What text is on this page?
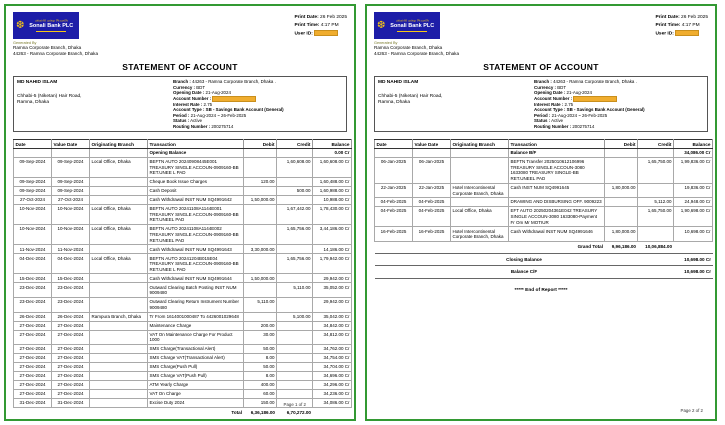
❆	সোনালী ব্যাংক পিএলসি
Sonali Bank PLC
Generated By
Ramna Corporate Branch, Dhaka
44263 - Ramna Corporate Branch, Dhaka
Print Date: 26 Feb 2025
Print Time: 4:17 PM
User ID:
STATEMENT OF ACCOUNT
MD NAHID ISLAM
Chhabi-5 (Niketan) Hair Road,
Ramna, Dhaka
Branch : 44263 - Ramna Corporate Branch, Dhaka .
Currency : BDT
Opening Date : 21-Aug-2024
Account Number :
Interest Rate : 2.75
Account Type : SB - Savings Bank Account (General)
Period : 21-Aug-2024 ~ 26-Feb-2025
Status : Active
Routing Number : 200275714
Date	Value Date	Originating Branch	Transaction	Debit	Credit	Balance
			Opening Balance			0.00 Cr
09-Sep-2024	09-Sep-2024	Local Office, Dhaka	BEFTN AUTO 20240908445E001 TREASURY SINGLE ACCOUN-0909160-BB RET.UNEE L PAD		1,60,608.00	1,60,608.00 Cr
09-Sep-2024	09-Sep-2024		Cheque Book Issue Charges	120.00		1,60,488.00 Cr
09-Sep-2024	09-Sep-2024		Cash Deposit		500.00	1,60,988.00 Cr
27-Oct-2024	27-Oct-2024		Cash Withdrawal INST NUM SQ4991642	1,50,000.00		10,988.00 Cr
10-Nov-2024	10-Nov-2024	Local Office, Dhaka	BEFTN AUTO 20241108A1144E001 TREASURY SINGLE ACCOUN-0909160-BB RET.UNEEL PAD		1,67,442.00	1,78,430.00 Cr
10-Nov-2024	10-Nov-2024	Local Office, Dhaka	BEFTN AUTO 20241108A1144E002 TREASURY SINGLE ACCOUN-0909160-BB RET.UNEEL PAD		1,65,756.00	3,44,186.00 Cr
11-Nov-2024	11-Nov-2024		Cash Withdrawal INST NUM SQ4991643	3,30,000.00		14,186.00 Cr
04-Dec-2024	04-Dec-2024	Local Office, Dhaka	BEFTN AUTO 20241204B015E04 TREASURY SINGLE ACCOUN-0909160-BB RET.UNEE L PAD		1,65,756.00	1,79,942.00 Cr
15-Dec-2024	15-Dec-2024		Cash Withdrawal INST NUM SQ4991644	1,50,000.00		29,942.00 Cr
23-Dec-2024	23-Dec-2024		Outward Clearing Batch Posting INST NUM 9009480		5,110.00	35,052.00 Cr
23-Dec-2024	23-Dec-2024		Outward Clearing Return Instrument Number 9009480	5,110.00		29,942.00 Cr
26-Dec-2024	26-Dec-2024	Rampura Branch, Dhaka	Tr From 1614001000487 To 4426001029648		5,100.00	35,042.00 Cr
27-Dec-2024	27-Dec-2024		Maintenance Charge	200.00		34,842.00 Cr
27-Dec-2024	27-Dec-2024		VAT On Maintenance Charge For Product 1000	30.00		34,812.00 Cr
27-Dec-2024	27-Dec-2024		SMS Charge(Transactional Alert)	50.00		34,762.00 Cr
27-Dec-2024	27-Dec-2024		SMS Charge VAT(Transactional Alert)	8.00		34,754.00 Cr
27-Dec-2024	27-Dec-2024		SMS Charge(Push Pull)	50.00		34,704.00 Cr
27-Dec-2024	27-Dec-2024		SMS Charge VAT(Push Pull)	8.00		34,696.00 Cr
27-Dec-2024	27-Dec-2024		ATM Yearly Charge	400.00		34,296.00 Cr
27-Dec-2024	27-Dec-2024		VAT On Charge	60.00		34,236.00 Cr
31-Dec-2024	31-Dec-2024		Excise Duty 2024	150.00		34,086.00 Cr
Total				6,36,186.00	6,70,272.00	
Page 1 of 2
❆	সোনালী ব্যাংক পিএলসি
Sonali Bank PLC
Generated By
Ramna Corporate Branch, Dhaka
44263 - Ramna Corporate Branch, Dhaka
Print Date: 26 Feb 2025
Print Time: 4:17 PM
User ID:
STATEMENT OF ACCOUNT
MD NAHID ISLAM
Chhabi-5 (Niketan) Hair Road,
Ramna, Dhaka
Branch : 44263 - Ramna Corporate Branch, Dhaka .
Currency : BDT
Opening Date : 21-Aug-2024
Account Number :
Interest Rate : 2.75
Account Type : SB - Savings Bank Account (General)
Period : 21-Aug-2024 ~ 26-Feb-2025
Status : Active
Routing Number : 200275714
Date	Value Date	Originating Branch	Transaction	Debit	Credit	Balance
			Balance B/F			34,086.00 Cr
06-Jan-2025	06-Jan-2025		BEFTN Transfer 2025010612106996 TREASURY SINGLE ACCOUN-3080 1633080 TREASURY SINGLE-BB RET.UNEEL PAD		1,65,750.00	1,99,836.00 Cr
22-Jan-2025	22-Jan-2025	Hotel Intercontinental Corporate Branch, Dhaka	Cash INST NUM SQ4991645	1,80,000.00		19,836.00 Cr
04-Feb-2025	04-Feb-2025		DRAWING AND DISBURSING OFF. 9009223		5,112.00	24,948.00 Cr
04-Feb-2025	04-Feb-2025	Local Office, Dhaka	EFT AUTO 20250204361E042 TREASURY SINGLE ACCOUN-3080 1633080-Payment Fr Om Mr MOTIUR		1,65,750.00	1,90,698.00 Cr
16-Feb-2025	16-Feb-2025	Hotel Intercontinental Corporate Branch, Dhaka	Cash Withdrawal INST NUM SQ4991646	1,80,000.00		10,698.00 Cr
Grand Total				9,96,186.00	10,06,884.00	
Closing Balance						10,698.00 Cr
Balance C/F						10,698.00 Cr
***** End of Report *****
Page 2 of 2
